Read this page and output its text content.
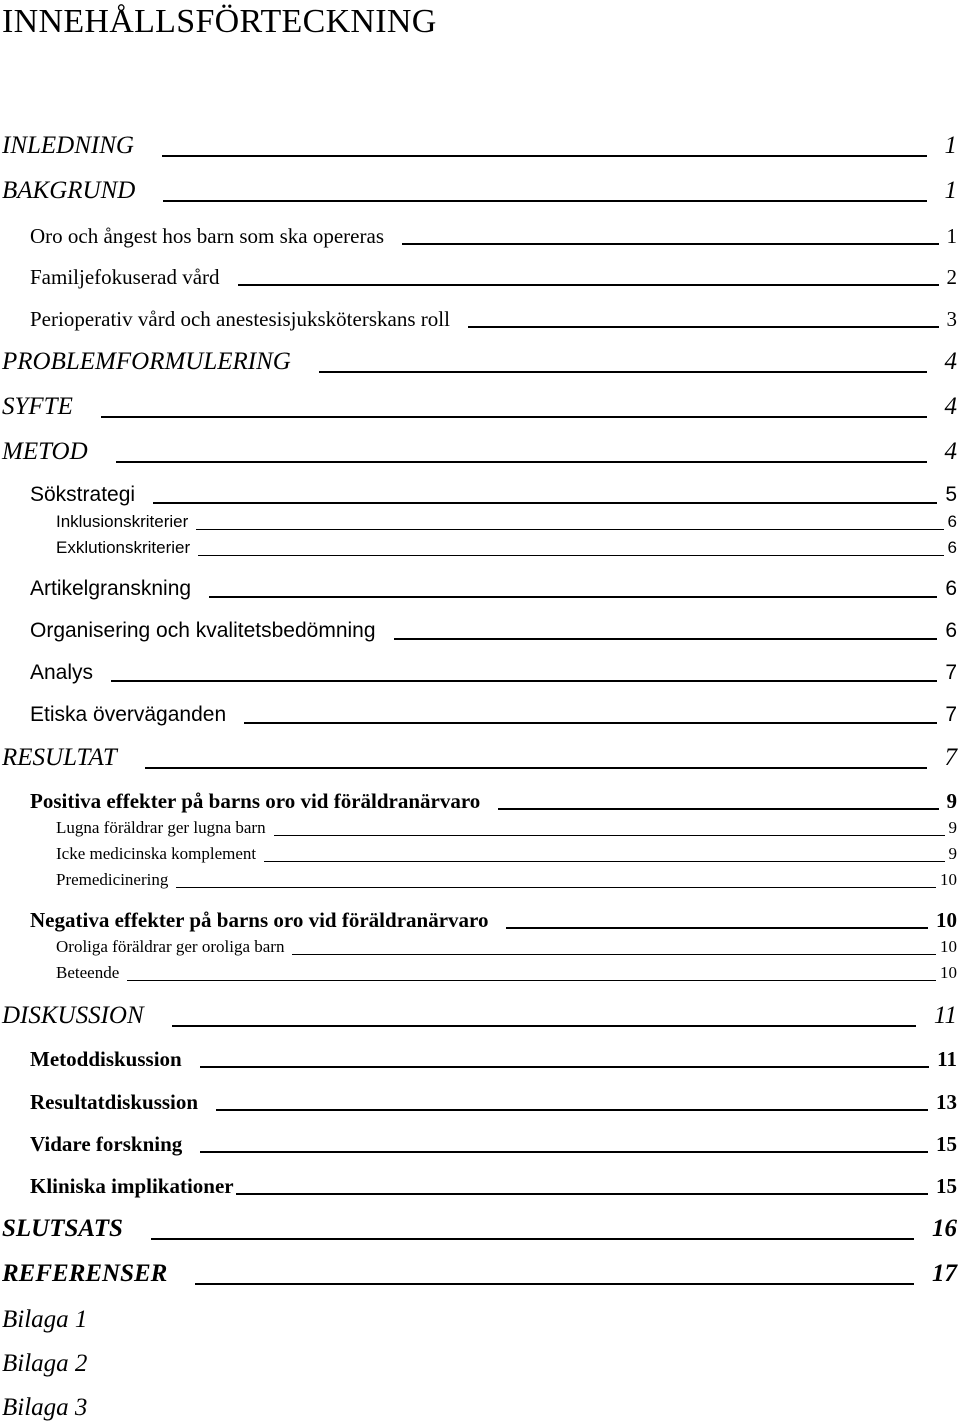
INNEHÅLLSFÖRTECKNING
INLEDNING	1
BAKGRUND	1
Oro och ångest hos barn som ska opereras	1
Familjefokuserad vård	2
Perioperativ vård och anestesisjuksköterskans roll	3
PROBLEMFORMULERING	4
SYFTE	4
METOD	4
Sökstrategi	5
Inklusionskriterier	6
Exklutionskriterier	6
Artikelgranskning	6
Organisering och kvalitetsbedömning	6
Analys	7
Etiska överväganden	7
RESULTAT	7
Positiva effekter på barns oro vid föräldranärvaro	9
Lugna föräldrar ger lugna barn	9
Icke medicinska komplement	9
Premedicinering	10
Negativa effekter på barns oro vid föräldranärvaro	10
Oroliga föräldrar ger oroliga barn	10
Beteende	10
DISKUSSION	11
Metoddiskussion	11
Resultatdiskussion	13
Vidare forskning	15
Kliniska implikationer	15
SLUTSATS	16
REFERENSER	17
Bilaga 1
Bilaga 2
Bilaga 3
